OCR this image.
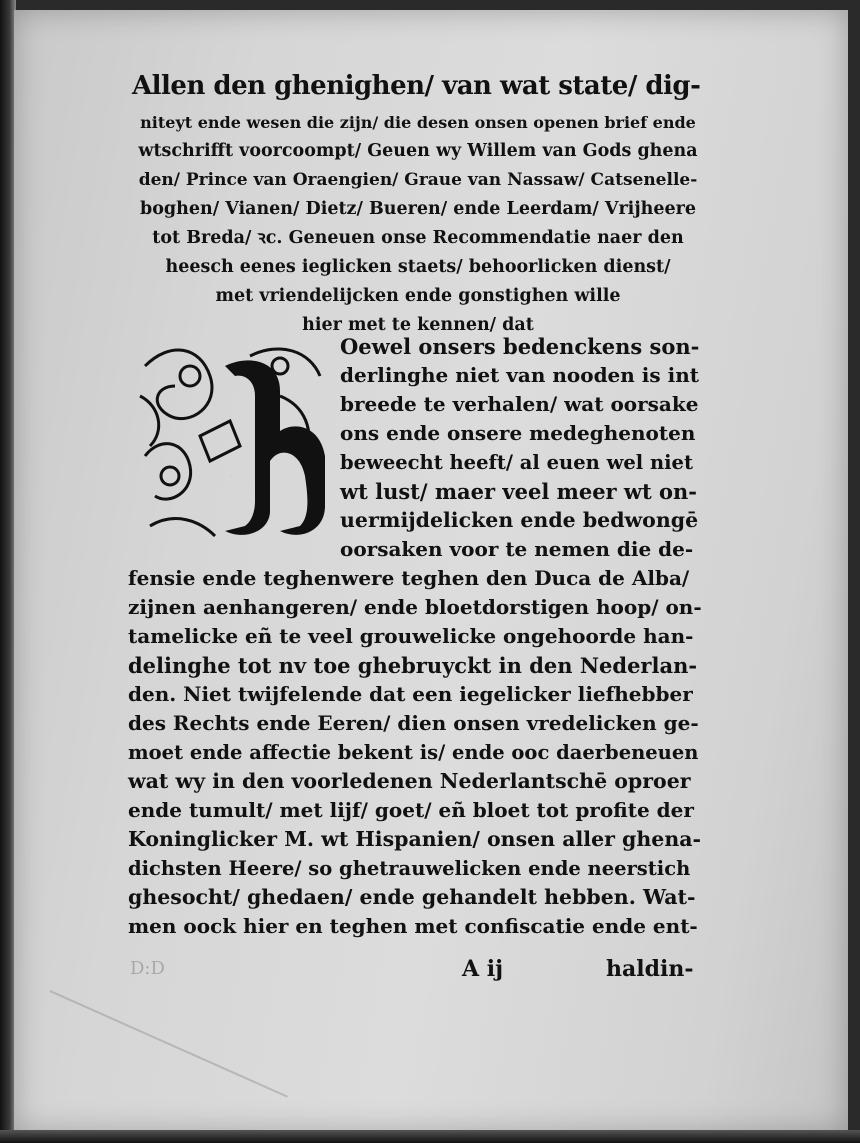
Allen den ghenighen/ van wat state/ dig-
niteyt ende wesen die zijn/ die desen onsen openen brief ende
wtschrifft voorcoompt/ Geuen wy Willem van Gods ghena
den/ Prince van Oraengien/ Graue van Nassaw/ Catsenelle-
boghen/ Vianen/ Dietz/ Bueren/ ende Leerdam/ Vrijheere
tot Breda/ ꝛc. Geneuen onse Recommendatie naer den
heesch eenes ieglicken staets/ behoorlicken dienst/
met vriendelijcken ende gonstighen wille
hier met te kennen/ dat
H
Oewel onsers bedenckens son-
derlinghe niet van nooden is int
breede te verhalen/ wat oorsake
ons ende onsere medeghenoten
beweecht heeft/ al euen wel niet
wt lust/ maer veel meer wt on-
uermijdelicken ende bedwongē
oorsaken voor te nemen die de-
fensie ende teghenwere teghen den Duca de Alba/
zijnen aenhangeren/ ende bloetdorstigen hoop/ on-
tamelicke eñ te veel grouwelicke ongehoorde han-
delinghe tot nv toe ghebruyckt in den Nederlan-
den. Niet twijfelende dat een iegelicker liefhebber
des Rechts ende Eeren/ dien onsen vredelicken ge-
moet ende affectie bekent is/ ende ooc daerbeneuen
wat wy in den voorledenen Nederlantschē oproer
ende tumult/ met lijf/ goet/ eñ bloet tot profite der
Koninglicker M. wt Hispanien/ onsen aller ghena-
dichsten Heere/ so ghetrauwelicken ende neerstich
ghesocht/ ghedaen/ ende gehandelt hebben. Wat-
men oock hier en teghen met confiscatie ende ent-
A ij	haldin-
D:D
